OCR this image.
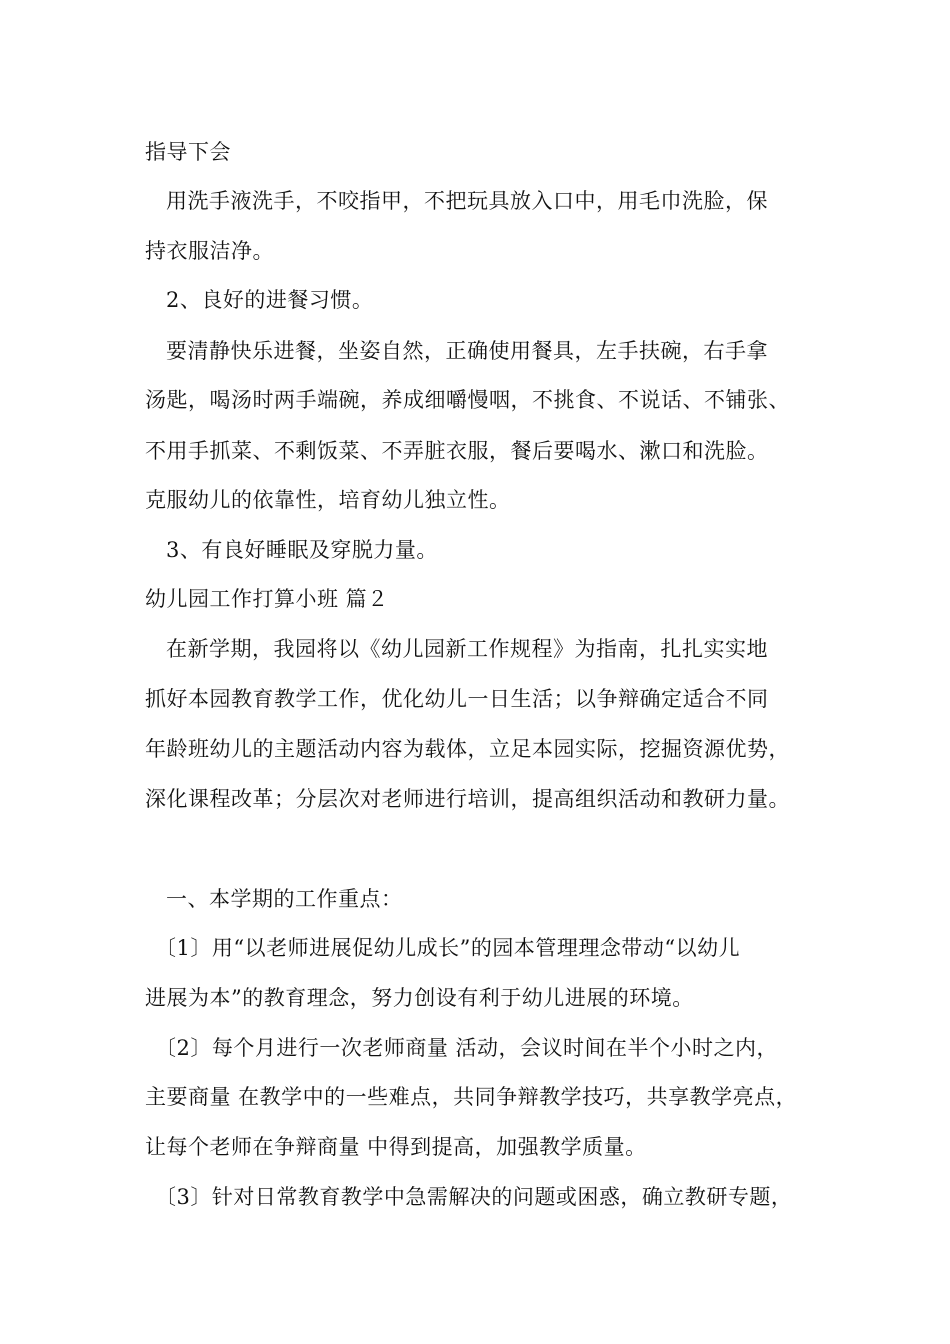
指导下会
用洗手液洗手，不咬指甲，不把玩具放入口中，用毛巾洗脸，保
持衣服洁净。
2、良好的进餐习惯。
要清静快乐进餐，坐姿自然，正确使用餐具，左手扶碗，右手拿
汤匙，喝汤时两手端碗，养成细嚼慢咽，不挑食、不说话、不铺张、
不用手抓菜、不剩饭菜、不弄脏衣服，餐后要喝水、漱口和洗脸。
克服幼儿的依靠性，培育幼儿独立性。
3、有良好睡眠及穿脱力量。
幼儿园工作打算小班 篇２
在新学期，我园将以《幼儿园新工作规程》为指南，扎扎实实地
抓好本园教育教学工作，优化幼儿一日生活；以争辩确定适合不同
年龄班幼儿的主题活动内容为载体，立足本园实际，挖掘资源优势，
深化课程改革；分层次对老师进行培训，提高组织活动和教研力量。
一、本学期的工作重点：
〔1〕用“以老师进展促幼儿成长”的园本管理理念带动“以幼儿
进展为本”的教育理念，努力创设有利于幼儿进展的环境。
〔2〕每个月进行一次老师商量 活动，会议时间在半个小时之内，
主要商量 在教学中的一些难点，共同争辩教学技巧，共享教学亮点，
让每个老师在争辩商量 中得到提高，加强教学质量。
〔3〕针对日常教育教学中急需解决的问题或困惑，确立教研专题，
